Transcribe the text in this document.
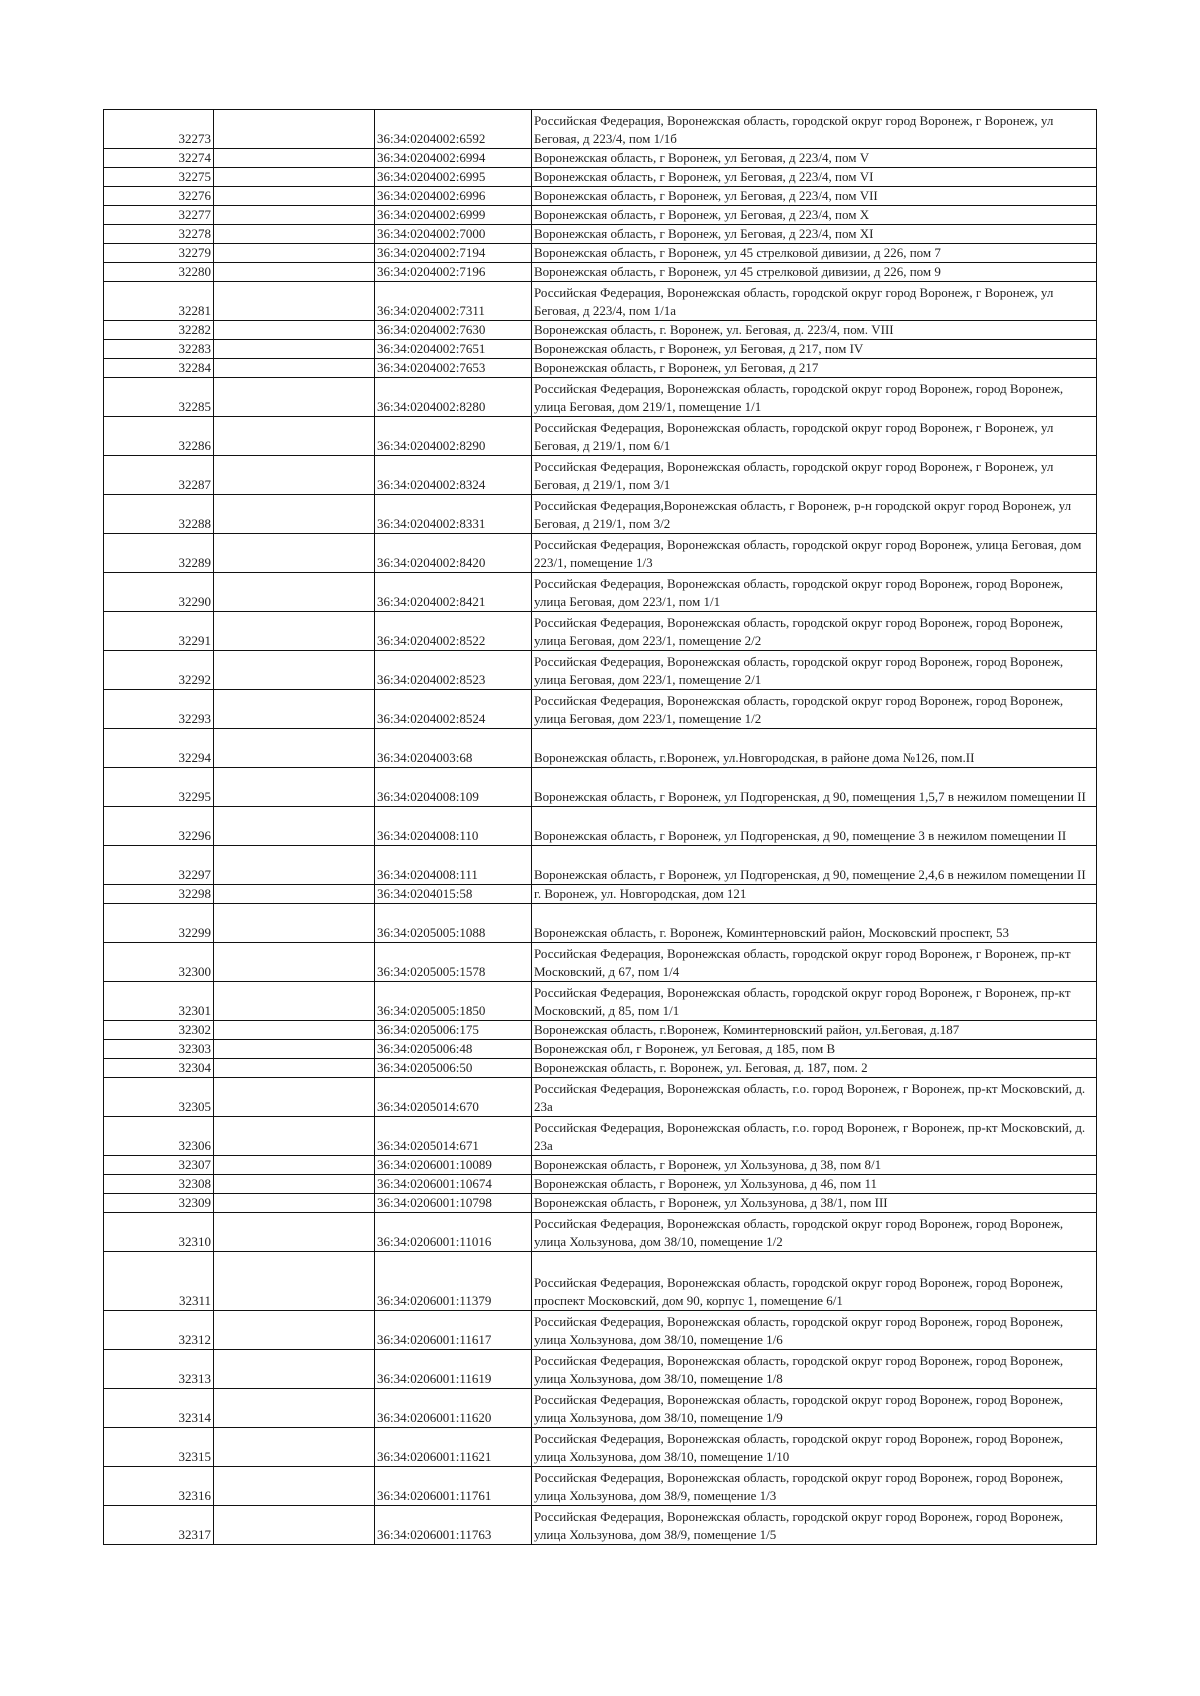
32273		36:34:0204002:6592	Российская Федерация, Воронежская область, городской округ город Воронеж, г Воронеж, ул Беговая, д 223/4, пом 1/1б
32274		36:34:0204002:6994	Воронежская область, г Воронеж, ул Беговая, д 223/4, пом V
32275		36:34:0204002:6995	Воронежская область, г Воронеж, ул Беговая, д 223/4, пом VI
32276		36:34:0204002:6996	Воронежская область, г Воронеж, ул Беговая, д 223/4, пом VII
32277		36:34:0204002:6999	Воронежская область, г Воронеж, ул Беговая, д 223/4, пом X
32278		36:34:0204002:7000	Воронежская область, г Воронеж, ул Беговая, д 223/4, пом XI
32279		36:34:0204002:7194	Воронежская область, г Воронеж, ул 45 стрелковой дивизии, д 226, пом 7
32280		36:34:0204002:7196	Воронежская область, г Воронеж, ул 45 стрелковой дивизии, д 226, пом 9
32281		36:34:0204002:7311	Российская Федерация, Воронежская область, городской округ город Воронеж, г Воронеж, ул Беговая, д 223/4, пом 1/1а
32282		36:34:0204002:7630	Воронежская область, г. Воронеж, ул. Беговая, д. 223/4, пом. VIII
32283		36:34:0204002:7651	Воронежская область, г Воронеж, ул Беговая, д 217, пом IV
32284		36:34:0204002:7653	Воронежская область, г Воронеж, ул Беговая, д 217
32285		36:34:0204002:8280	Российская Федерация, Воронежская область, городской округ город Воронеж, город Воронеж, улица Беговая, дом 219/1, помещение 1/1
32286		36:34:0204002:8290	Российская Федерация, Воронежская область, городской округ город Воронеж, г Воронеж, ул Беговая, д 219/1, пом 6/1
32287		36:34:0204002:8324	Российская Федерация, Воронежская область, городской округ город Воронеж, г Воронеж, ул Беговая, д 219/1, пом 3/1
32288		36:34:0204002:8331	Российская Федерация,Воронежская область, г Воронеж, р-н городской округ город Воронеж, ул Беговая, д 219/1, пом 3/2
32289		36:34:0204002:8420	Российская Федерация, Воронежская область, городской округ город Воронеж, улица Беговая, дом 223/1, помещение 1/3
32290		36:34:0204002:8421	Российская Федерация, Воронежская область, городской округ город Воронеж, город Воронеж, улица Беговая, дом 223/1, пом 1/1
32291		36:34:0204002:8522	Российская Федерация, Воронежская область, городской округ город Воронеж, город Воронеж, улица Беговая, дом 223/1, помещение 2/2
32292		36:34:0204002:8523	Российская Федерация, Воронежская область, городской округ город Воронеж, город Воронеж, улица Беговая, дом 223/1, помещение 2/1
32293		36:34:0204002:8524	Российская Федерация, Воронежская область, городской округ город Воронеж, город Воронеж, улица Беговая, дом 223/1, помещение 1/2
32294		36:34:0204003:68	Воронежская область, г.Воронеж, ул.Новгородская, в районе дома №126, пом.II
32295		36:34:0204008:109	Воронежская область, г Воронеж, ул Подгоренская, д 90, помещения 1,5,7 в нежилом помещении II
32296		36:34:0204008:110	Воронежская область, г Воронеж, ул Подгоренская, д 90, помещение 3 в нежилом помещении II
32297		36:34:0204008:111	Воронежская область, г Воронеж, ул Подгоренская, д 90, помещение 2,4,6 в нежилом помещении II
32298		36:34:0204015:58	г. Воронеж, ул. Новгородская, дом 121
32299		36:34:0205005:1088	Воронежская область, г. Воронеж, Коминтерновский район, Московский проспект, 53
32300		36:34:0205005:1578	Российская Федерация, Воронежская область, городской округ город Воронеж, г Воронеж, пр-кт Московский, д 67, пом 1/4
32301		36:34:0205005:1850	Российская Федерация, Воронежская область, городской округ город Воронеж, г Воронеж, пр-кт Московский, д 85, пом 1/1
32302		36:34:0205006:175	Воронежская область, г.Воронеж, Коминтерновский район, ул.Беговая, д.187
32303		36:34:0205006:48	Воронежская обл, г Воронеж, ул Беговая, д 185, пом В
32304		36:34:0205006:50	Воронежская область, г. Воронеж, ул. Беговая, д. 187, пом. 2
32305		36:34:0205014:670	Российская Федерация, Воронежская область, г.о. город Воронеж, г Воронеж, пр-кт Московский, д. 23а
32306		36:34:0205014:671	Российская Федерация, Воронежская область, г.о. город Воронеж, г Воронеж, пр-кт Московский, д. 23а
32307		36:34:0206001:10089	Воронежская область, г Воронеж, ул Хользунова, д 38, пом 8/1
32308		36:34:0206001:10674	Воронежская область, г Воронеж, ул Хользунова, д 46, пом 11
32309		36:34:0206001:10798	Воронежская область, г Воронеж, ул Хользунова, д 38/1, пом III
32310		36:34:0206001:11016	Российская Федерация, Воронежская область, городской округ город Воронеж, город Воронеж, улица Хользунова, дом 38/10, помещение 1/2
32311		36:34:0206001:11379	Российская Федерация, Воронежская область, городской округ город Воронеж, город Воронеж, проспект Московский, дом 90, корпус 1, помещение 6/1
32312		36:34:0206001:11617	Российская Федерация, Воронежская область, городской округ город Воронеж, город Воронеж, улица Хользунова, дом 38/10, помещение 1/6
32313		36:34:0206001:11619	Российская Федерация, Воронежская область, городской округ город Воронеж, город Воронеж, улица Хользунова, дом 38/10, помещение 1/8
32314		36:34:0206001:11620	Российская Федерация, Воронежская область, городской округ город Воронеж, город Воронеж, улица Хользунова, дом 38/10, помещение 1/9
32315		36:34:0206001:11621	Российская Федерация, Воронежская область, городской округ город Воронеж, город Воронеж, улица Хользунова, дом 38/10, помещение 1/10
32316		36:34:0206001:11761	Российская Федерация, Воронежская область, городской округ город Воронеж, город Воронеж, улица Хользунова, дом 38/9, помещение 1/3
32317		36:34:0206001:11763	Российская Федерация, Воронежская область, городской округ город Воронеж, город Воронеж, улица Хользунова, дом 38/9, помещение 1/5
